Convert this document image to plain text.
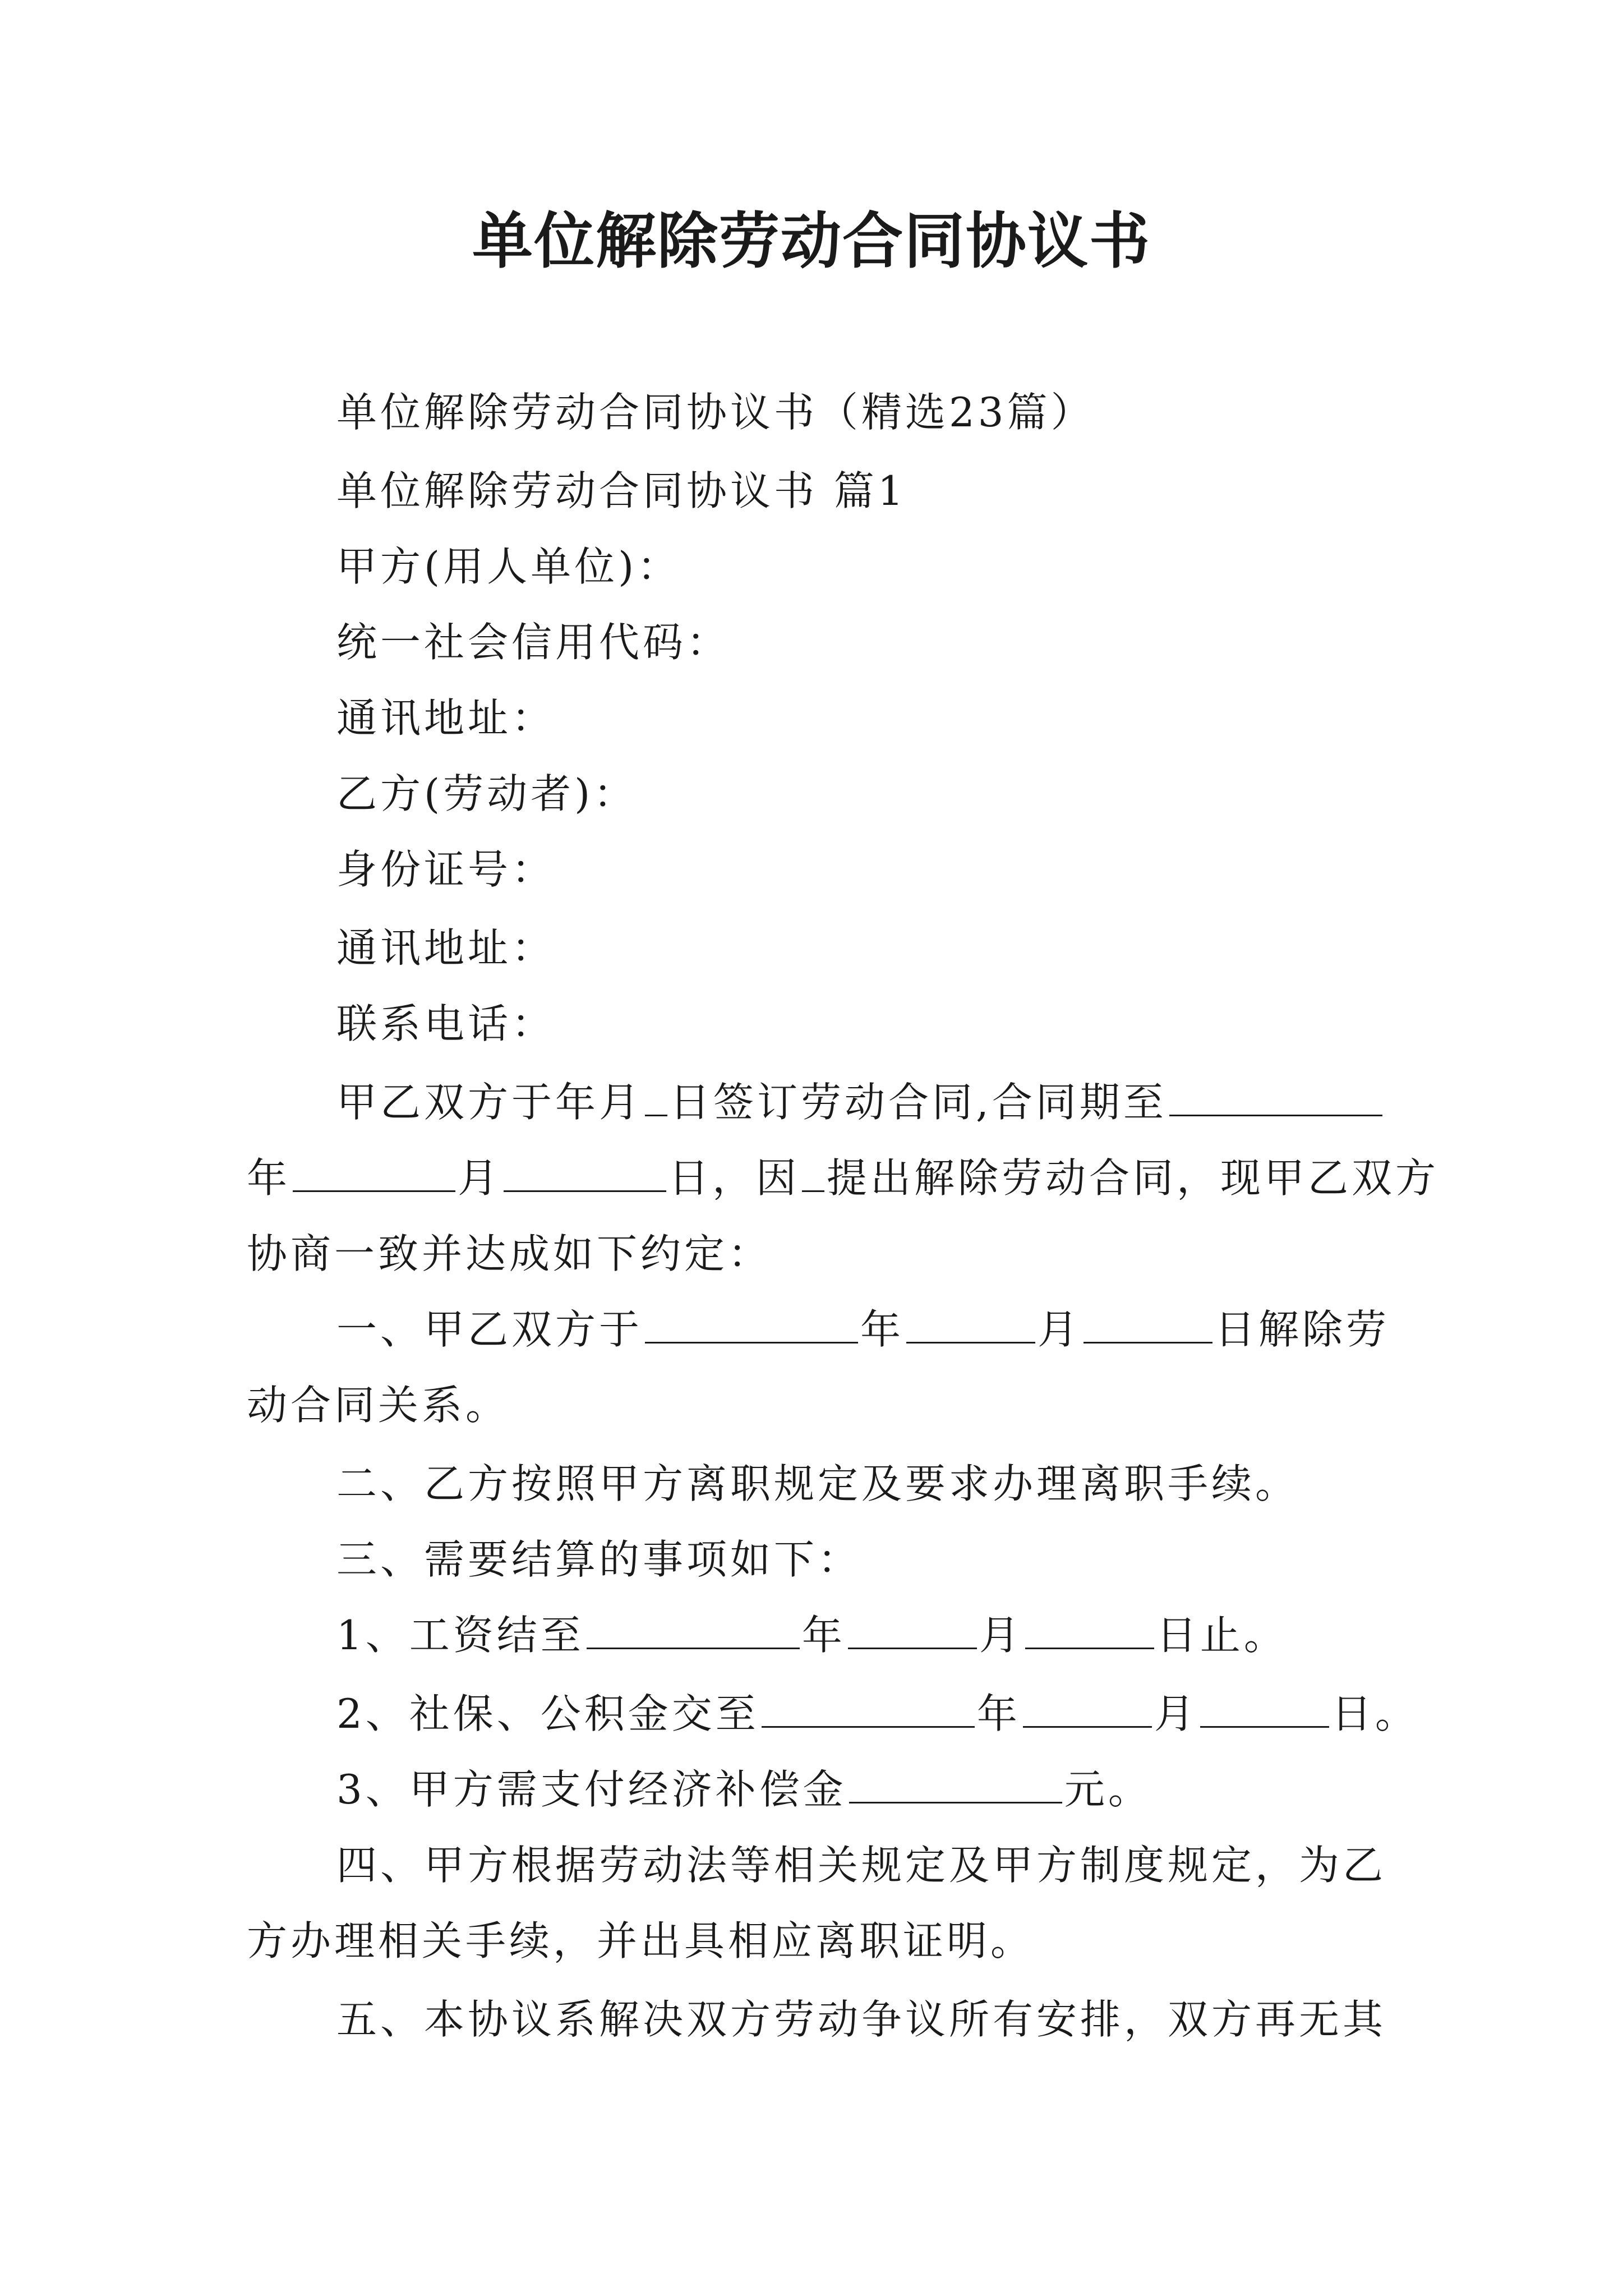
单位解除劳动合同协议书
单位解除劳动合同协议书（精选23篇）
单位解除劳动合同协议书 篇1
甲方(用人单位)：
统一社会信用代码：
通讯地址：
乙方(劳动者)：
身份证号：
通讯地址：
联系电话：
甲乙双方于年月 日签订劳动合同,合同期至
年	月	日，因 提出解除劳动合同，现甲乙双方
协商一致并达成如下约定：
一、甲乙双方于	年	月	日解除劳
动合同关系。
二、乙方按照甲方离职规定及要求办理离职手续。
三、需要结算的事项如下：
1、工资结至	年	月	日止。
2、社保、公积金交至	年	月	日。
3、甲方需支付经济补偿金	元。
四、甲方根据劳动法等相关规定及甲方制度规定，为乙
方办理相关手续，并出具相应离职证明。
五、本协议系解决双方劳动争议所有安排，双方再无其
